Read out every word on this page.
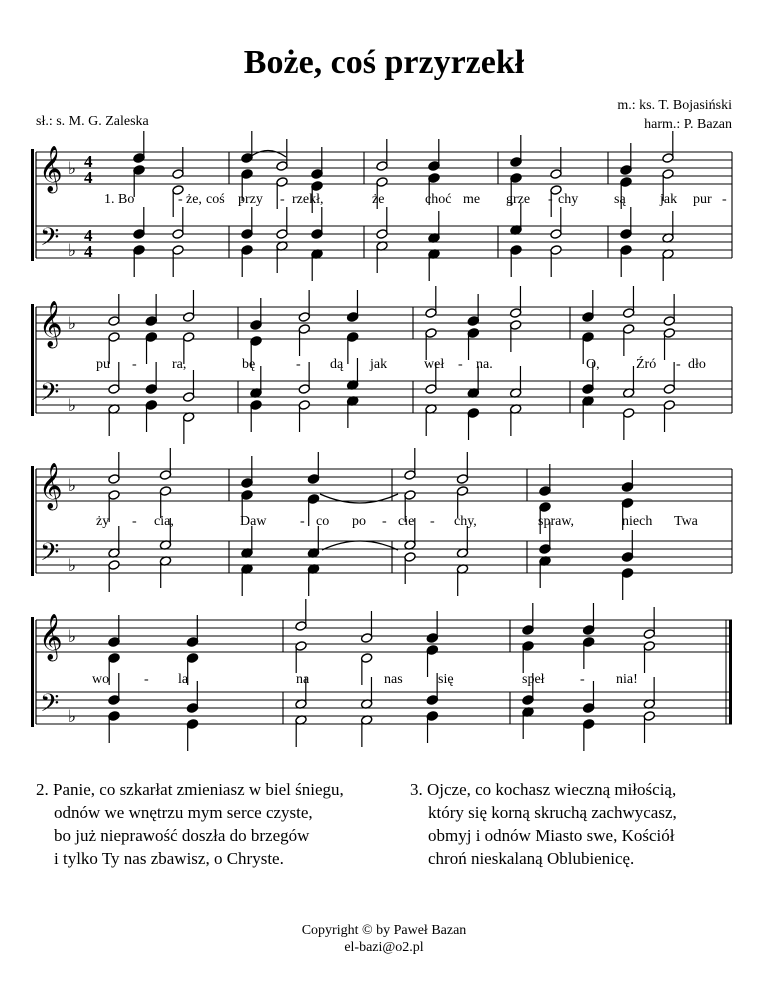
Boże, coś przyrzekł
sł.: s. M. G. Zaleska
m.: ks. T. Bojasiński
harm.: P. Bazan
𝄞
𝄢
♭
♭
4
4
4
4
𝄞
𝄢
♭
♭
𝄞
𝄢
♭
♭
𝄞
𝄢
♭
♭
1. Bo	- że, coś przy - rzekł,	że	choć me grze - chy	są jak pur -
pu -	ra,	bę	- dą jak	weł - na.	O,	Źró - dło
ży - cia,	Daw - co po - cie - chy,	spraw,	niech Twa
wo - la	na	nas	się	speł	- nia!
2. Panie, co szkarłat zmieniasz w biel śniegu,
odnów we wnętrzu mym serce czyste,
bo już nieprawość doszła do brzegów
i tylko Ty nas zbawisz, o Chryste.
3. Ojcze, co kochasz wieczną miłością,
który się korną skruchą zachwycasz,
obmyj i odnów Miasto swe, Kościół
chroń nieskalaną Oblubienicę.
Copyright © by Paweł Bazan
el-bazi@o2.pl
